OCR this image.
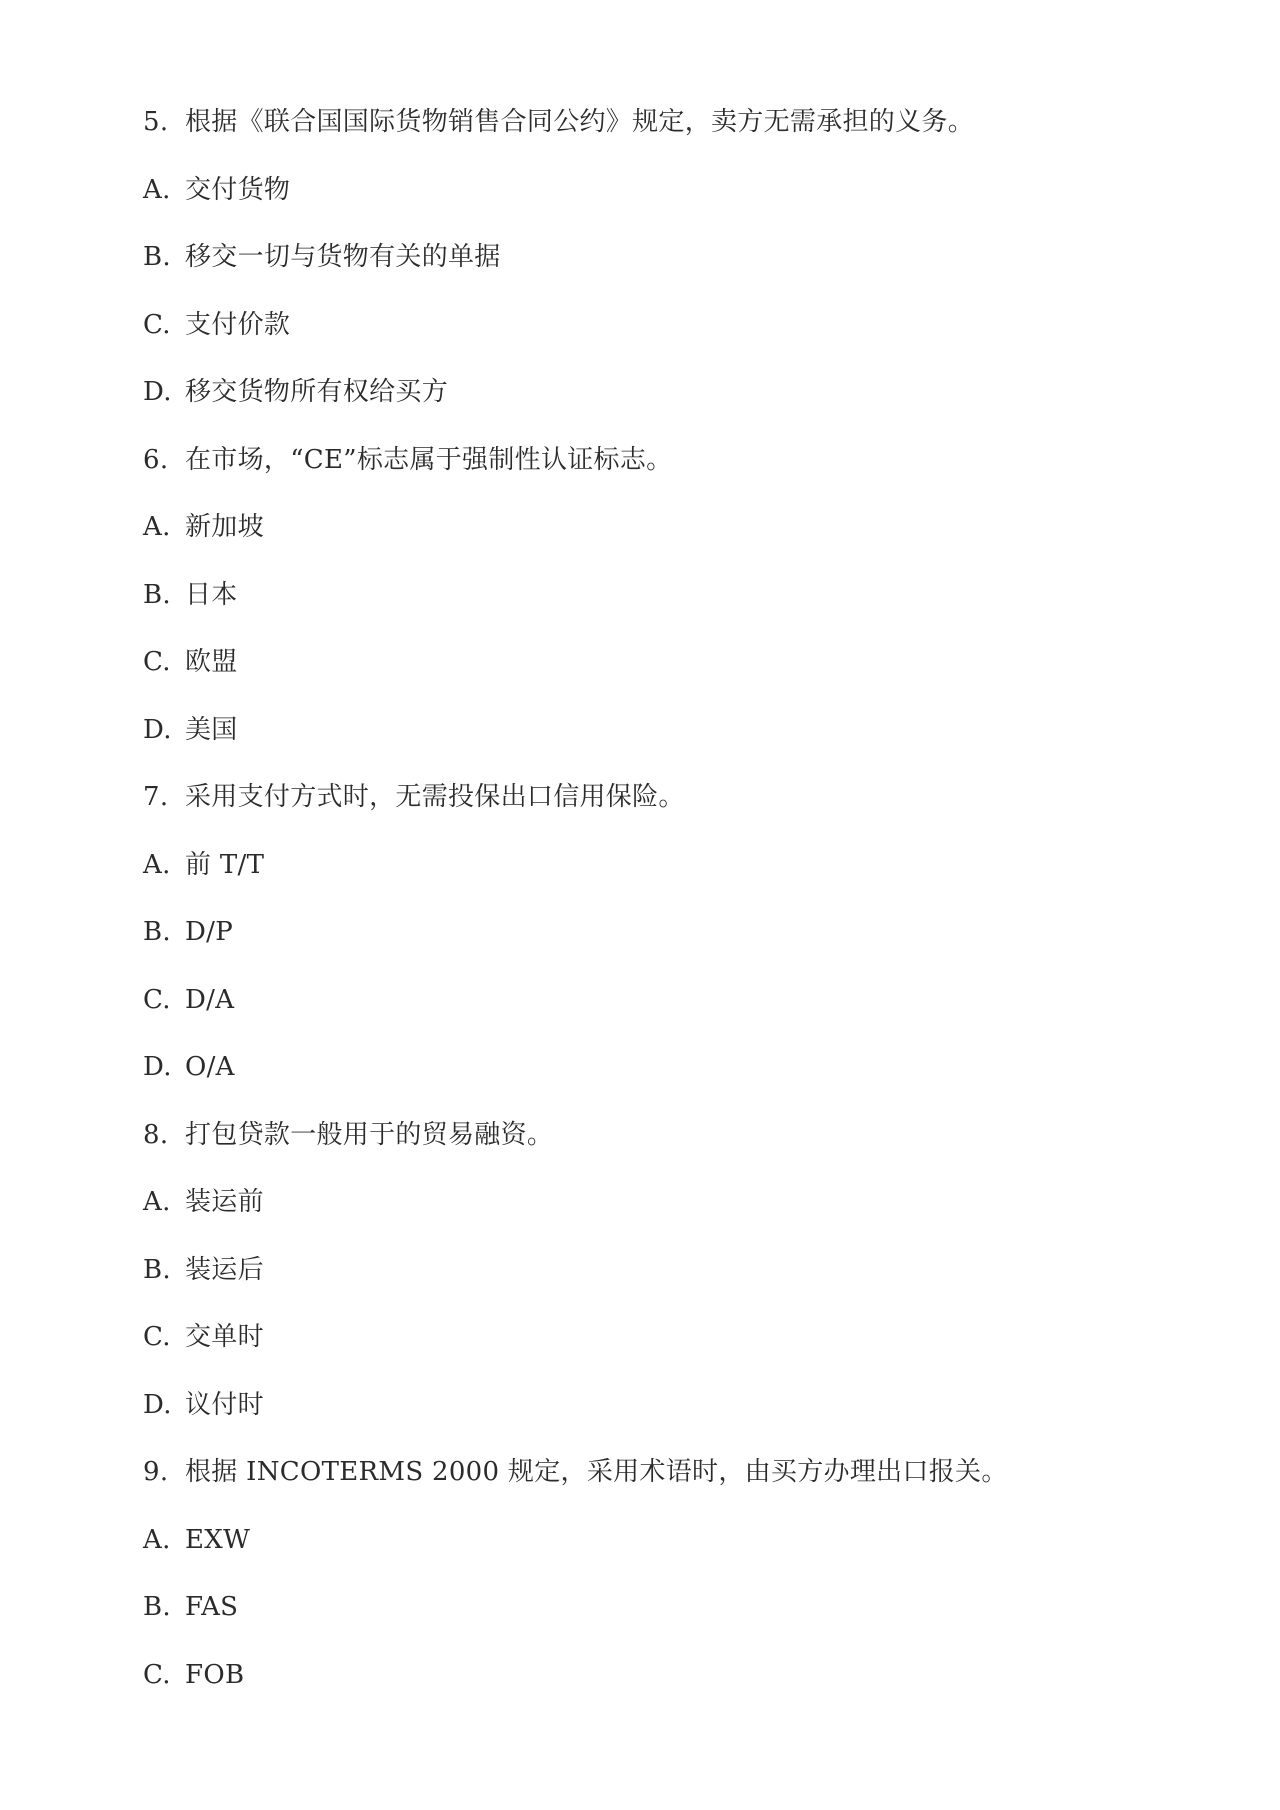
5. 根据《联合国国际货物销售合同公约》规定，卖方无需承担的义务。
A. 交付货物
B. 移交一切与货物有关的单据
C. 支付价款
D. 移交货物所有权给买方
6. 在市场，“CE”标志属于强制性认证标志。
A. 新加坡
B. 日本
C. 欧盟
D. 美国
7. 采用支付方式时，无需投保出口信用保险。
A. 前 T/T
B. D/P
C. D/A
D. O/A
8. 打包贷款一般用于的贸易融资。
A. 装运前
B. 装运后
C. 交单时
D. 议付时
9. 根据 INCOTERMS 2000 规定，采用术语时，由买方办理出口报关。
A. EXW
B. FAS
C. FOB
